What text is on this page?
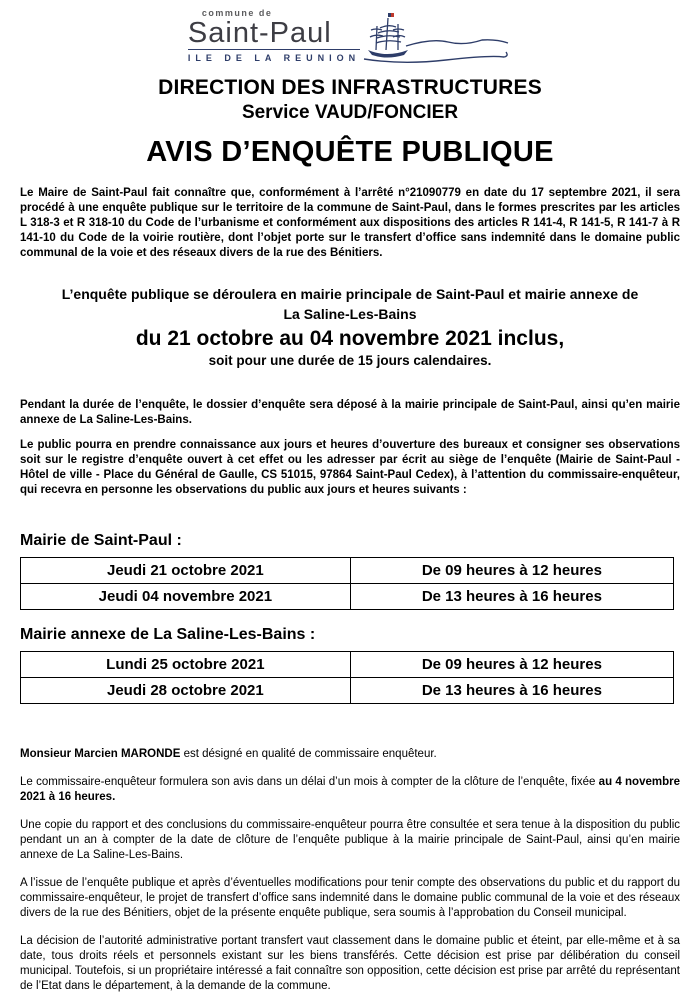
commune de
Saint-Paul
ILE DE LA REUNION
DIRECTION DES INFRASTRUCTURES
Service VAUD/FONCIER
AVIS D’ENQUÊTE PUBLIQUE
Le Maire de Saint-Paul fait connaître que, conformément à l’arrêté n°21090779 en date du 17 septembre 2021, il sera procédé à une enquête publique sur le territoire de la commune de Saint-Paul, dans le formes prescrites par les articles L 318-3 et R 318-10 du Code de l’urbanisme et conformément aux dispositions des articles R 141-4, R 141-5, R 141-7 à R 141-10 du Code de la voirie routière, dont l’objet porte sur le transfert d’office sans indemnité dans le domaine public communal de la voie et des réseaux divers de la rue des Bénitiers.
L’enquête publique se déroulera en mairie principale de Saint-Paul et mairie annexe de
La Saline-Les-Bains
du 21 octobre au 04 novembre 2021 inclus,
soit pour une durée de 15 jours calendaires.
Pendant la durée de l’enquête, le dossier d’enquête sera déposé à la mairie principale de Saint-Paul, ainsi qu’en mairie annexe de La Saline-Les-Bains.
Le public pourra en prendre connaissance aux jours et heures d’ouverture des bureaux et consigner ses observations soit sur le registre d’enquête ouvert à cet effet ou les adresser par écrit au siège de l’enquête (Mairie de Saint-Paul - Hôtel de ville - Place du Général de Gaulle, CS 51015, 97864 Saint-Paul Cedex), à l’attention du commissaire-enquêteur, qui recevra en personne les observations du public aux jours et heures suivants :
Mairie de Saint-Paul :
Jeudi 21 octobre 2021	De 09 heures à 12 heures
Jeudi 04 novembre 2021	De 13 heures à 16 heures
Mairie annexe de La Saline-Les-Bains :
Lundi 25 octobre 2021	De 09 heures à 12 heures
Jeudi 28 octobre 2021	De 13 heures à 16 heures
Monsieur Marcien MARONDE est désigné en qualité de commissaire enquêteur.
Le commissaire-enquêteur formulera son avis dans un délai d’un mois à compter de la clôture de l’enquête, fixée au 4 novembre 2021 à 16 heures.
Une copie du rapport et des conclusions du commissaire-enquêteur pourra être consultée et sera tenue à la disposition du public pendant un an à compter de la date de clôture de l’enquête publique à la mairie principale de Saint-Paul, ainsi qu’en mairie annexe de La Saline-Les-Bains.
A l’issue de l’enquête publique et après d’éventuelles modifications pour tenir compte des observations du public et du rapport du commissaire-enquêteur, le projet de transfert d’office sans indemnité dans le domaine public communal de la voie et des réseaux divers de la rue des Bénitiers, objet de la présente enquête publique, sera soumis à l’approbation du Conseil municipal.
La décision de l’autorité administrative portant transfert vaut classement dans le domaine public et éteint, par elle-même et à sa date, tous droits réels et personnels existant sur les biens transférés. Cette décision est prise par délibération du conseil municipal. Toutefois, si un propriétaire intéressé a fait connaître son opposition, cette décision est prise par arrêté du représentant de l’Etat dans le département, à la demande de la commune.
